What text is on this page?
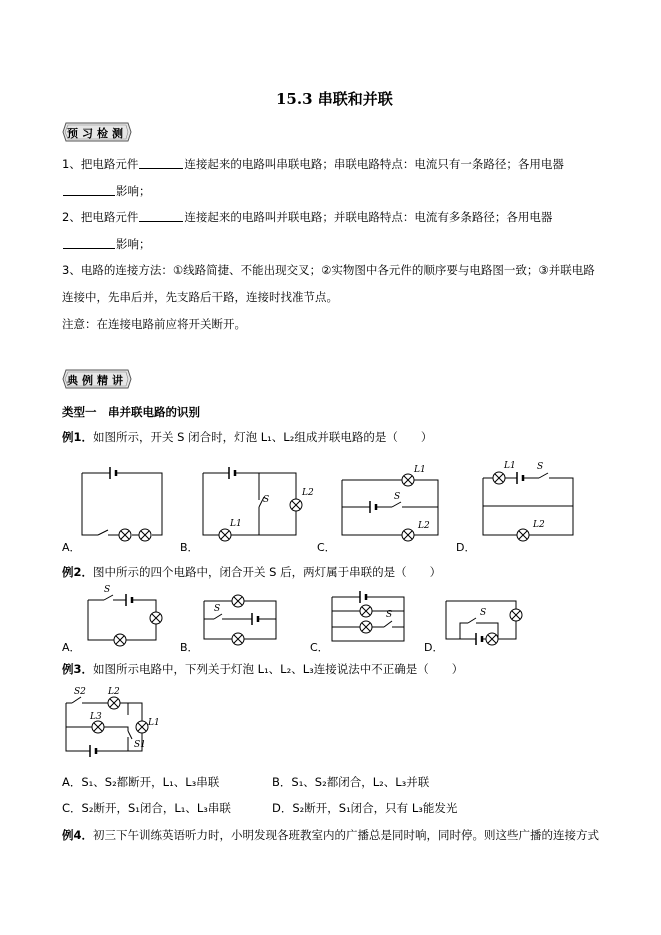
15.3 串联和并联
预习检测
1、把电路元件	连接起来的电路叫串联电路；串联电路特点：电流只有一条路径；各用电器
影响；
2、把电路元件	连接起来的电路叫并联电路；并联电路特点：电流有多条路径；各用电器
影响；
3、电路的连接方法：①线路简捷、不能出现交叉；②实物图中各元件的顺序要与电路图一致；③并联电路
连接中，先串后并，先支路后干路，连接时找准节点。
注意：在连接电路前应将开关断开。
典例精讲
类型一　串并联电路的识别
例1．如图所示，开关 S 闭合时，灯泡 L₁、L₂组成并联电路的是（　　）
A．
S
L2
L1
B．
L1
S
L2
C．
L1 S
L2
D．
例2．图中所示的四个电路中，闭合开关 S 后，两灯属于串联的是（　　）
S
A．
S
B．
S
C．
S
D．
例3．如图所示电路中，下列关于灯泡 L₁、L₂、L₃连接说法中不正确是（　　）
S2 L2
L3
L1
S1
A．S₁、S₂都断开，L₁、L₃串联	B．S₁、S₂都闭合，L₂、L₃并联
C．S₂断开，S₁闭合，L₁、L₃串联	D．S₂断开，S₁闭合，只有 L₃能发光
例4．初三下午训练英语听力时，小明发现各班教室内的广播总是同时响，同时停。则这些广播的连接方式
